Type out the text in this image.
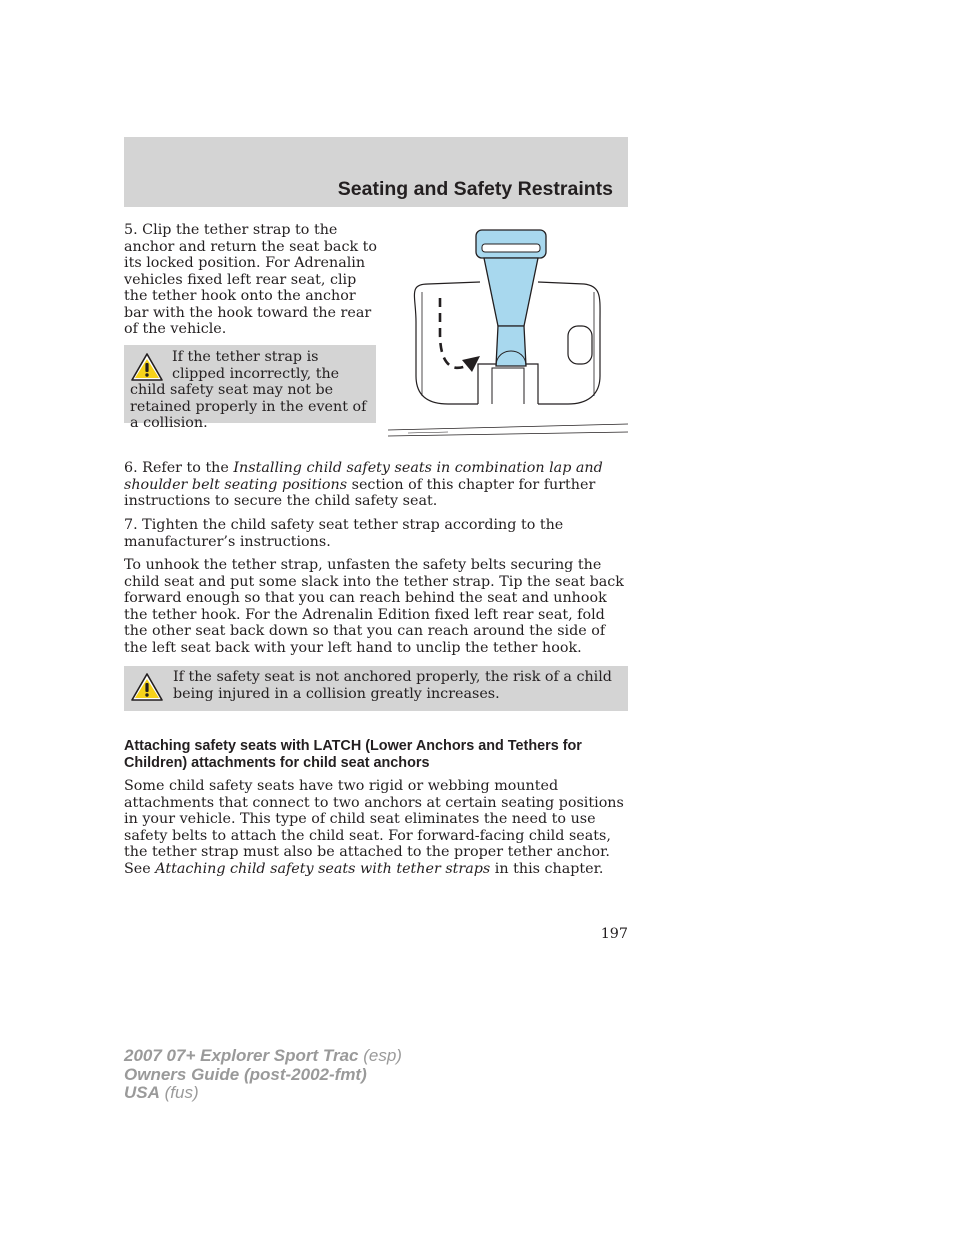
Seating and Safety Restraints

5. Clip the tether strap to the anchor and return the seat back to its locked position. For Adrenalin vehicles fixed left rear seat, clip the tether hook onto the anchor bar with the hook toward the rear of the vehicle.

If the tether strap is clipped incorrectly, the child safety seat may not be retained properly in the event of a collision.

6. Refer to the Installing child safety seats in combination lap and shoulder belt seating positions section of this chapter for further instructions to secure the child safety seat.

7. Tighten the child safety seat tether strap according to the manufacturer’s instructions.

To unhook the tether strap, unfasten the safety belts securing the child seat and put some slack into the tether strap. Tip the seat back forward enough so that you can reach behind the seat and unhook the tether hook. For the Adrenalin Edition fixed left rear seat, fold the other seat back down so that you can reach around the side of the left seat back with your left hand to unclip the tether hook.

If the safety seat is not anchored properly, the risk of a child being injured in a collision greatly increases.

Attaching safety seats with LATCH (Lower Anchors and Tethers for Children) attachments for child seat anchors

Some child safety seats have two rigid or webbing mounted attachments that connect to two anchors at certain seating positions in your vehicle. This type of child seat eliminates the need to use safety belts to attach the child seat. For forward-facing child seats, the tether strap must also be attached to the proper tether anchor. See Attaching child safety seats with tether straps in this chapter.

197
2007 07+ Explorer Sport Trac (esp)
Owners Guide (post-2002-fmt)
USA (fus)
